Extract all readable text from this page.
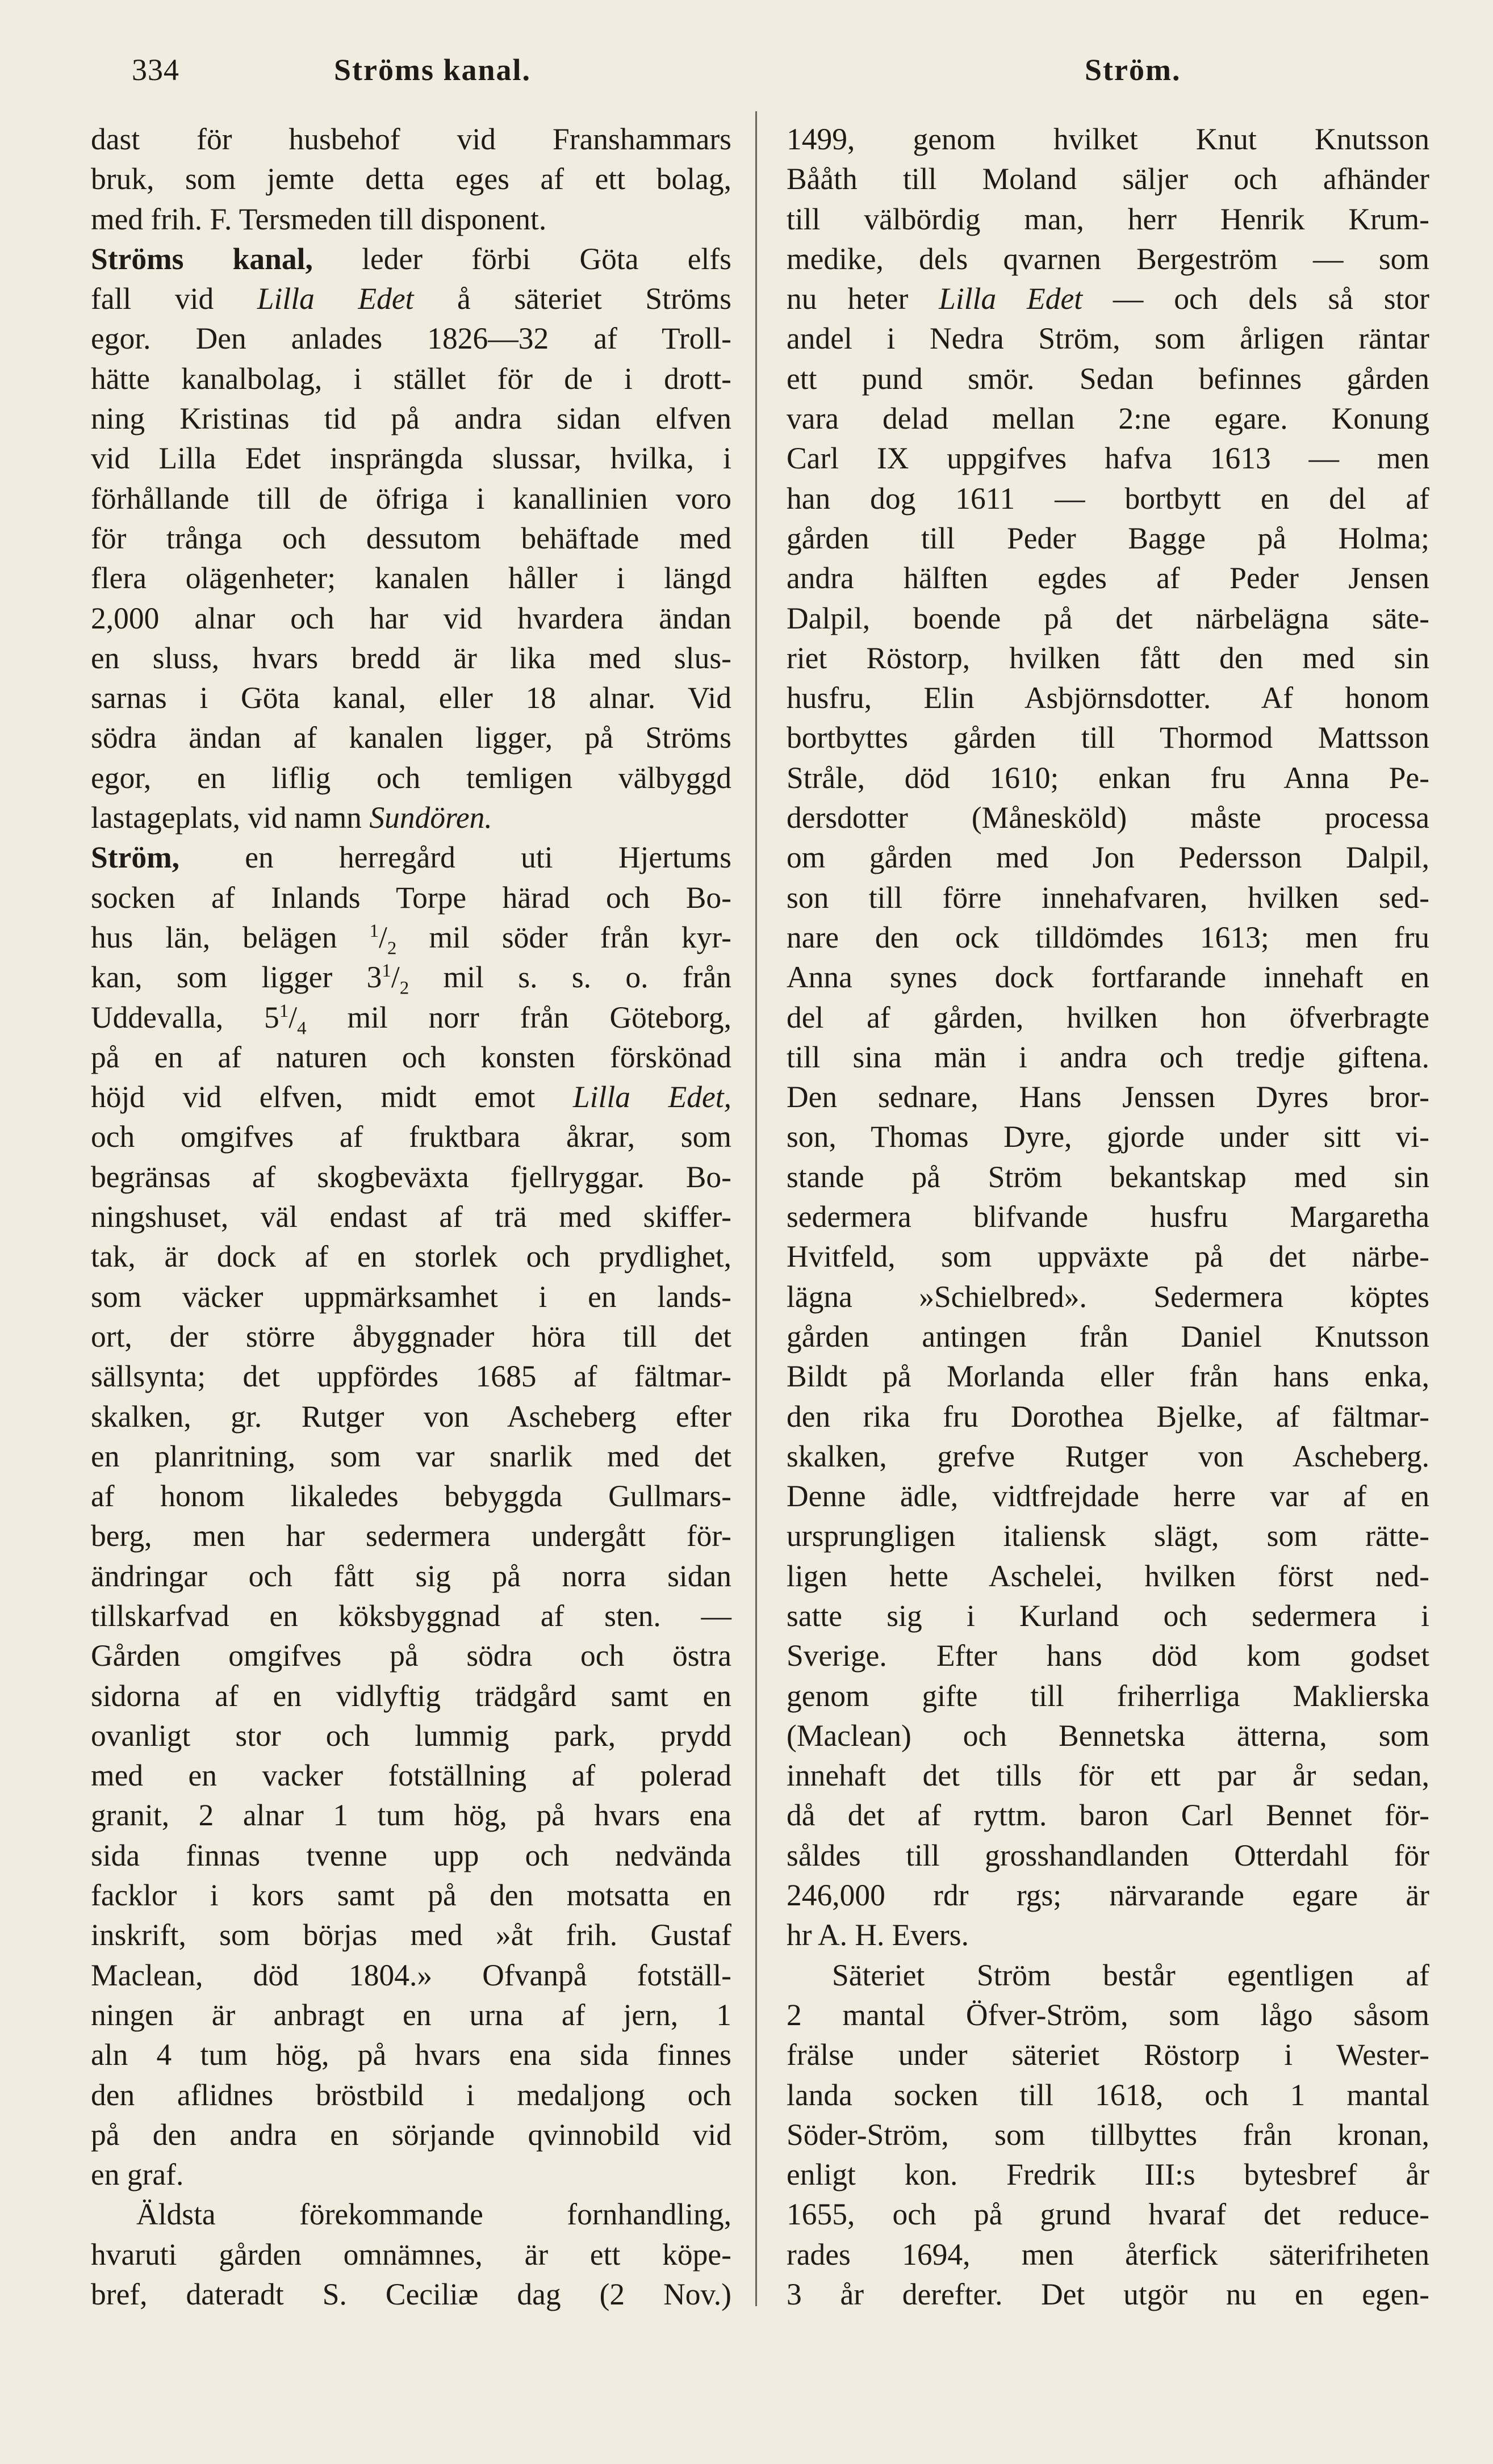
334	Ströms kanal.	Ström.
dast för husbehof vid Franshammars
bruk, som jemte detta eges af ett bolag,
med frih. F. Tersmeden till disponent.
Ströms kanal, leder förbi Göta elfs
fall vid Lilla Edet å säteriet Ströms
egor. Den anlades 1826—32 af Troll-
hätte kanalbolag, i stället för de i drott-
ning Kristinas tid på andra sidan elfven
vid Lilla Edet insprängda slussar, hvilka, i
förhållande till de öfriga i kanallinien voro
för trånga och dessutom behäftade med
flera olägenheter; kanalen håller i längd
2,000 alnar och har vid hvardera ändan
en sluss, hvars bredd är lika med slus-
sarnas i Göta kanal, eller 18 alnar. Vid
södra ändan af kanalen ligger, på Ströms
egor, en liflig och temligen välbyggd
lastageplats, vid namn Sundören.
Ström, en herregård uti Hjertums
socken af Inlands Torpe härad och Bo-
hus län, belägen $^1/_2$ mil söder från kyr-
kan, som ligger $3^1/_2$ mil s. s. o. från
Uddevalla, $5^1/_4$ mil norr från Göteborg,
på en af naturen och konsten förskönad
höjd vid elfven, midt emot Lilla Edet,
och omgifves af fruktbara åkrar, som
begränsas af skogbeväxta fjellryggar. Bo-
ningshuset, väl endast af trä med skiffer-
tak, är dock af en storlek och prydlighet,
som väcker uppmärksamhet i en lands-
ort, der större åbyggnader höra till det
sällsynta; det uppfördes 1685 af fältmar-
skalken, gr. Rutger von Ascheberg efter
en planritning, som var snarlik med det
af honom likaledes bebyggda Gullmars-
berg, men har sedermera undergått för-
ändringar och fått sig på norra sidan
tillskarfvad en köksbyggnad af sten. —
Gården omgifves på södra och östra
sidorna af en vidlyftig trädgård samt en
ovanligt stor och lummig park, prydd
med en vacker fotställning af polerad
granit, 2 alnar 1 tum hög, på hvars ena
sida finnas tvenne upp och nedvända
facklor i kors samt på den motsatta en
inskrift, som börjas med »åt frih. Gustaf
Maclean, död 1804.» Ofvanpå fotställ-
ningen är anbragt en urna af jern, 1
aln 4 tum hög, på hvars ena sida finnes
den aflidnes bröstbild i medaljong och
på den andra en sörjande qvinnobild vid
en graf.
Äldsta förekommande fornhandling,
hvaruti gården omnämnes, är ett köpe-
bref, dateradt S. Ceciliæ dag (2 Nov.)
1499, genom hvilket Knut Knutsson
Bååth till Moland säljer och afhänder
till välbördig man, herr Henrik Krum-
medike, dels qvarnen Bergeström — som
nu heter Lilla Edet — och dels så stor
andel i Nedra Ström, som årligen räntar
ett pund smör. Sedan befinnes gården
vara delad mellan 2:ne egare. Konung
Carl IX uppgifves hafva 1613 — men
han dog 1611 — bortbytt en del af
gården till Peder Bagge på Holma;
andra hälften egdes af Peder Jensen
Dalpil, boende på det närbelägna säte-
riet Röstorp, hvilken fått den med sin
husfru, Elin Asbjörnsdotter. Af honom
bortbyttes gården till Thormod Mattsson
Stråle, död 1610; enkan fru Anna Pe-
dersdotter (Månesköld) måste processa
om gården med Jon Pedersson Dalpil,
son till förre innehafvaren, hvilken sed-
nare den ock tilldömdes 1613; men fru
Anna synes dock fortfarande innehaft en
del af gården, hvilken hon öfverbragte
till sina män i andra och tredje giftena.
Den sednare, Hans Jenssen Dyres bror-
son, Thomas Dyre, gjorde under sitt vi-
stande på Ström bekantskap med sin
sedermera blifvande husfru Margaretha
Hvitfeld, som uppväxte på det närbe-
lägna »Schielbred». Sedermera köptes
gården antingen från Daniel Knutsson
Bildt på Morlanda eller från hans enka,
den rika fru Dorothea Bjelke, af fältmar-
skalken, grefve Rutger von Ascheberg.
Denne ädle, vidtfrejdade herre var af en
ursprungligen italiensk slägt, som rätte-
ligen hette Aschelei, hvilken först ned-
satte sig i Kurland och sedermera i
Sverige. Efter hans död kom godset
genom gifte till friherrliga Maklierska
(Maclean) och Bennetska ätterna, som
innehaft det tills för ett par år sedan,
då det af ryttm. baron Carl Bennet för-
såldes till grosshandlanden Otterdahl för
246,000 rdr rgs; närvarande egare är
hr A. H. Evers.
Säteriet Ström består egentligen af
2 mantal Öfver-Ström, som lågo såsom
frälse under säteriet Röstorp i Wester-
landa socken till 1618, och 1 mantal
Söder-Ström, som tillbyttes från kronan,
enligt kon. Fredrik III:s bytesbref år
1655, och på grund hvaraf det reduce-
rades 1694, men återfick säterifriheten
3 år derefter. Det utgör nu en egen-
